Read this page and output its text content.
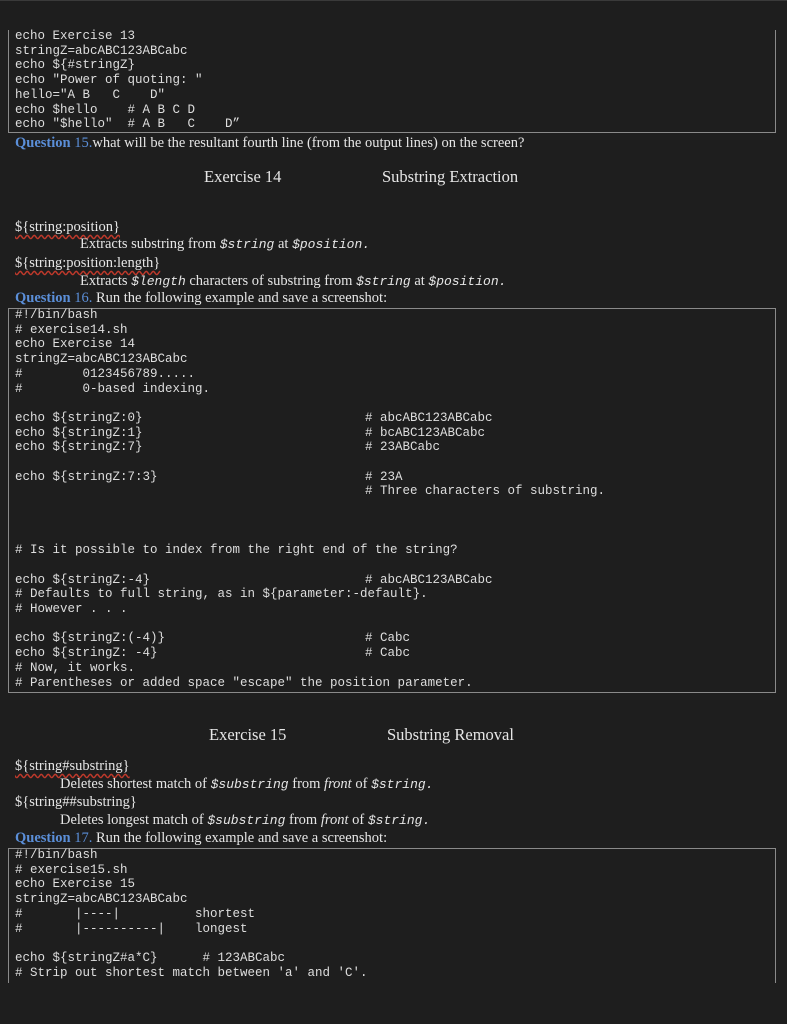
echo Exercise 13
stringZ=abcABC123ABCabc
echo ${#stringZ}
echo "Power of quoting: "
hello="A B   C    D"
echo $hello    # A B C D
echo "$hello"  # A B   C    D”
Question 15.what will be the resultant fourth line (from the output lines) on the screen?
Exercise 14	Substring Extraction
${string:position}
Extracts substring from $string at $position.
${string:position:length}
Extracts $length characters of substring from $string at $position.
Question 16. Run the following example and save a screenshot:
#!/bin/bash
# exercise14.sh
echo Exercise 14
stringZ=abcABC123ABCabc
#        0123456789.....
#        0-based indexing.

echo ${stringZ:0}	# abcABC123ABCabc

echo ${stringZ:1}	# bcABC123ABCabc

echo ${stringZ:7}	# 23ABCabc

echo ${stringZ:7:3}	# 23A

# Three characters of substring.

# Is it possible to index from the right end of the string?

echo ${stringZ:-4}	# abcABC123ABCabc

# Defaults to full string, as in ${parameter:-default}.
# However . . .

echo ${stringZ:(-4)}	# Cabc

echo ${stringZ: -4}	# Cabc

# Now, it works.
# Parentheses or added space "escape" the position parameter.
Exercise 15	Substring Removal
${string#substring}
Deletes shortest match of $substring from front of $string.
${string##substring}
Deletes longest match of $substring from front of $string.
Question 17. Run the following example and save a screenshot:
#!/bin/bash
# exercise15.sh
echo Exercise 15
stringZ=abcABC123ABCabc
#       |----|          shortest
#       |----------|    longest

echo ${stringZ#a*C}      # 123ABCabc
# Strip out shortest match between 'a' and 'C'.
